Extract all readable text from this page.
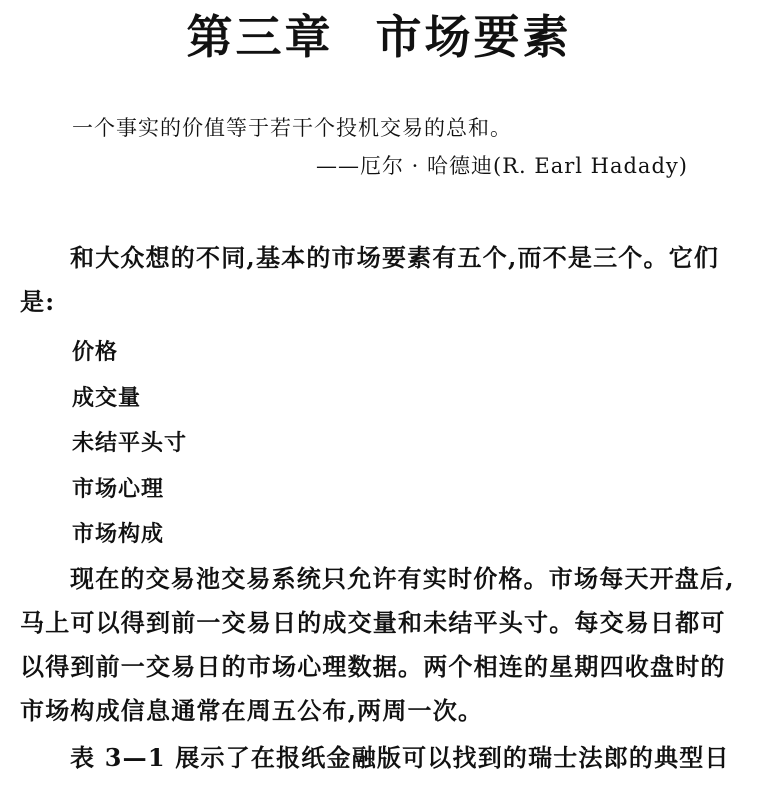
第三章 市场要素
一个事实的价值等于若干个投机交易的总和。
——厄尔 · 哈德迪(R. Earl Hadady)
和大众想的不同,基本的市场要素有五个,而不是三个。它们是:
价格
成交量
未结平头寸
市场心理
市场构成
现在的交易池交易系统只允许有实时价格。市场每天开盘后,马上可以得到前一交易日的成交量和未结平头寸。每交易日都可以得到前一交易日的市场心理数据。两个相连的星期四收盘时的市场构成信息通常在周五公布,两周一次。
表 3—1 展示了在报纸金融版可以找到的瑞士法郎的典型日
